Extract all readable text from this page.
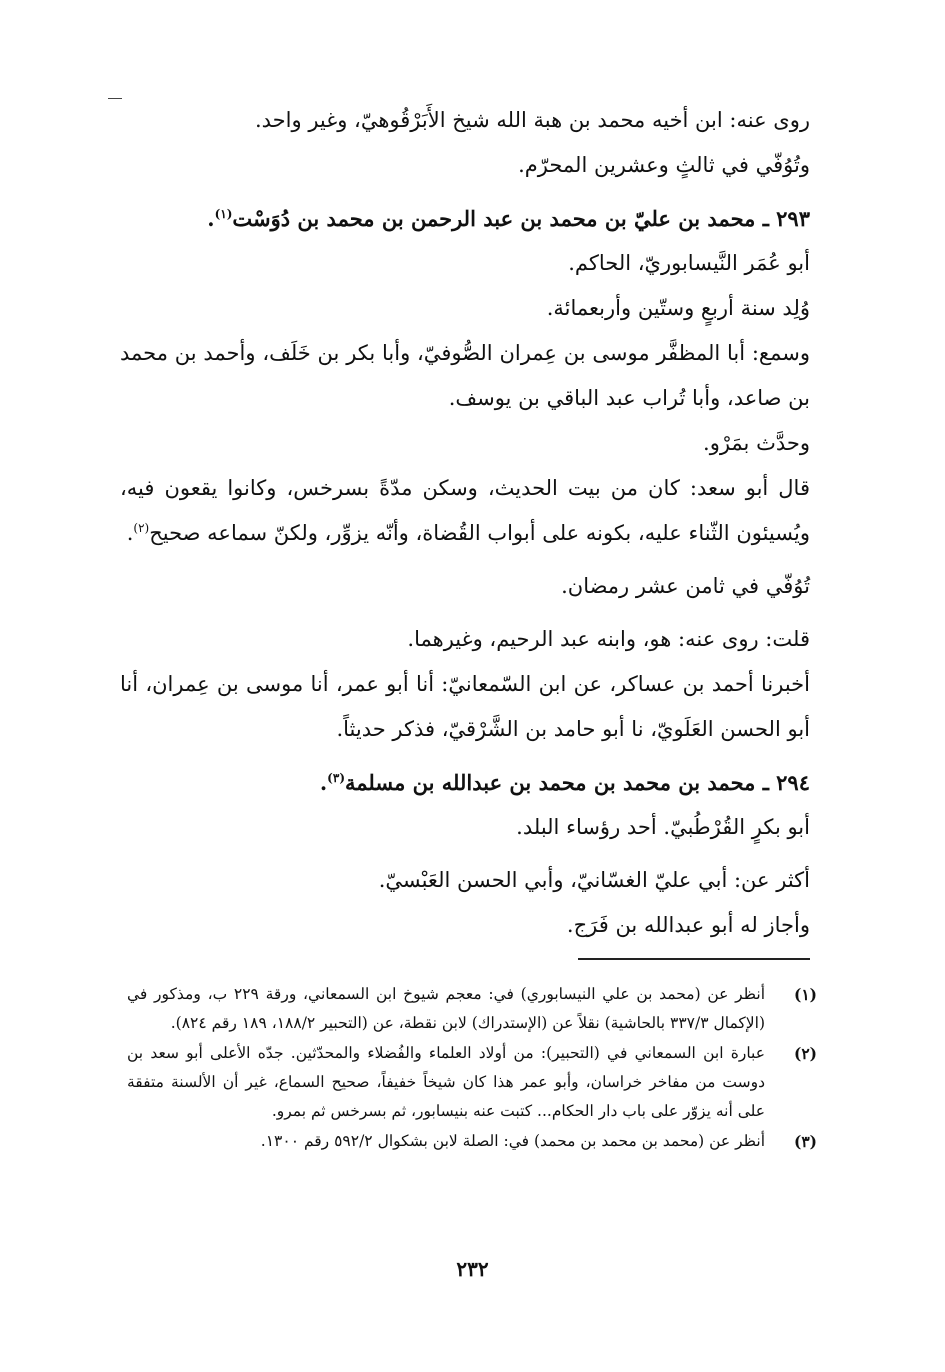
روى عنه: ابن أخيه محمد بن هبة الله شيخ الأَبَرْقُوهيّ، وغير واحد.

وتُوُفّي في ثالثٍ وعشرين المحرّم.

٢٩٣ ـ محمد بن عليّ بن محمد بن عبد الرحمن بن محمد بن دُوَسْت$^{(١)}$.

أبو عُمَر النَّيسابوريّ، الحاكم.

وُلِد سنة أربعٍ وستّين وأربعمائة.

وسمع: أبا المظفَّر موسى بن عِمران الصُّوفيّ، وأبا بكر بن خَلَف، وأحمد بن محمد بن صاعد، وأبا تُراب عبد الباقي بن يوسف.

وحدَّث بمَرْو.

قال أبو سعد: كان من بيت الحديث، وسكن مدّةً بسرخس، وكانوا يقعون فيه، ويُسيئون الثّناء عليه، بكونه على أبواب القُضاة، وأنّه يزوِّر، ولكنّ سماعه صحيح$^{(٢)}$.

تُوُفّي في ثامن عشر رمضان.

قلت: روى عنه: هو، وابنه عبد الرحيم، وغيرهما.

أخبرنا أحمد بن عساكر، عن ابن السّمعانيّ: أنا أبو عمر، أنا موسى بن عِمران، أنا أبو الحسن العَلَويّ، نا أبو حامد بن الشَّرْقيّ، فذكر حديثاً.

٢٩٤ ـ محمد بن محمد بن محمد بن عبدالله بن مسلمة$^{(٣)}$.

أبو بكرٍ القُرْطُبيّ. أحد رؤساء البلد.

أكثر عن: أبي عليّ الغسّانيّ، وأبي الحسن العَبْسيّ.

وأجاز له أبو عبدالله بن فَرَج.

(١)
أنظر عن (محمد بن علي النيسابوري) في: معجم شيوخ ابن السمعاني، ورقة ٢٢٩ ب، ومذكور في (الإكمال ٣٣٧/٣ بالحاشية) نقلاً عن (الإستدراك) لابن نقطة، عن (التحبير ١٨٨/٢، ١٨٩ رقم ٨٢٤).
(٢)
عبارة ابن السمعاني في (التحبير): من أولاد العلماء والفُضلاء والمحدّثين. جدّه الأعلى أبو سعد بن دوست من مفاخر خراسان، وأبو عمر هذا كان شيخاً خفيفاً، صحيح السماع، غير أن الألسنة متفقة على أنه يزوّر على باب دار الحكام... كتبت عنه بنيسابور، ثم بسرخس ثم بمرو.
(٣)
أنظر عن (محمد بن محمد بن محمد) في: الصلة لابن بشكوال ٥٩٢/٢ رقم ١٣٠٠.
٢٣٢
